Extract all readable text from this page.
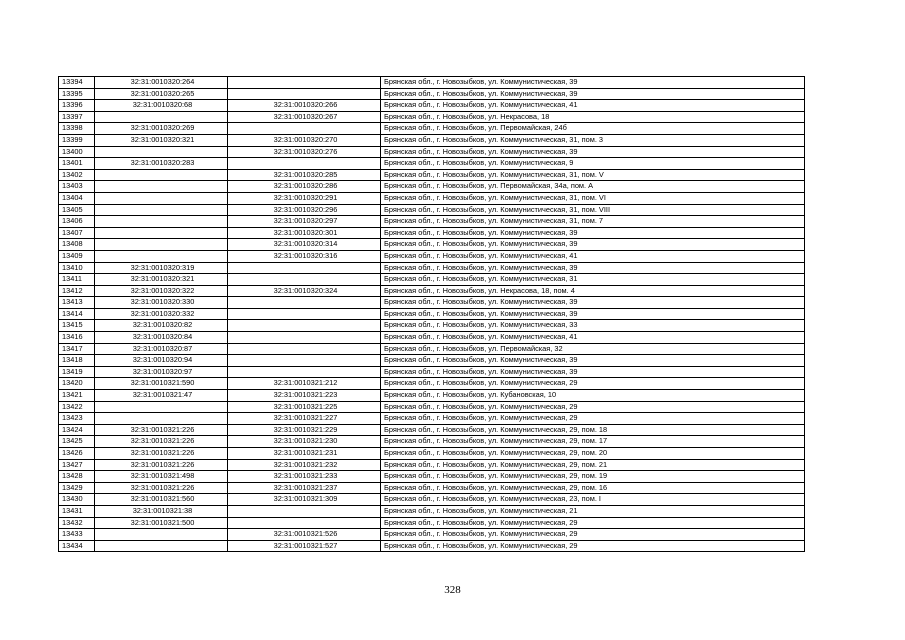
13394	32:31:0010320:264		Брянская обл., г. Новозыбков, ул. Коммунистическая, 39
13395	32:31:0010320:265		Брянская обл., г. Новозыбков, ул. Коммунистическая, 39
13396	32:31:0010320:68	32:31:0010320:266	Брянская обл., г. Новозыбков, ул. Коммунистическая, 41
13397		32:31:0010320:267	Брянская обл., г. Новозыбков, ул. Некрасова, 18
13398	32:31:0010320:269		Брянская обл., г. Новозыбков, ул. Первомайская, 24б
13399	32:31:0010320:321	32:31:0010320:270	Брянская обл., г. Новозыбков, ул. Коммунистическая, 31, пом. 3
13400		32:31:0010320:276	Брянская обл., г. Новозыбков, ул. Коммунистическая, 39
13401	32:31:0010320:283		Брянская обл., г. Новозыбков, ул. Коммунистическая, 9
13402		32:31:0010320:285	Брянская обл., г. Новозыбков, ул. Коммунистическая, 31, пом. V
13403		32:31:0010320:286	Брянская обл., г. Новозыбков, ул. Первомайская, 34а, пом. А
13404		32:31:0010320:291	Брянская обл., г. Новозыбков, ул. Коммунистическая, 31, пом. VI
13405		32:31:0010320:296	Брянская обл., г. Новозыбков, ул. Коммунистическая, 31, пом. VIII
13406		32:31:0010320:297	Брянская обл., г. Новозыбков, ул. Коммунистическая, 31, пом. 7
13407		32:31:0010320:301	Брянская обл., г. Новозыбков, ул. Коммунистическая, 39
13408		32:31:0010320:314	Брянская обл., г. Новозыбков, ул. Коммунистическая, 39
13409		32:31:0010320:316	Брянская обл., г. Новозыбков, ул. Коммунистическая, 41
13410	32:31:0010320:319		Брянская обл., г. Новозыбков, ул. Коммунистическая, 39
13411	32:31:0010320:321		Брянская обл., г. Новозыбков, ул. Коммунистическая, 31
13412	32:31:0010320:322	32:31:0010320:324	Брянская обл., г. Новозыбков, ул. Некрасова, 18, пом. 4
13413	32:31:0010320:330		Брянская обл., г. Новозыбков, ул. Коммунистическая, 39
13414	32:31:0010320:332		Брянская обл., г. Новозыбков, ул. Коммунистическая, 39
13415	32:31:0010320:82		Брянская обл., г. Новозыбков, ул. Коммунистическая, 33
13416	32:31:0010320:84		Брянская обл., г. Новозыбков, ул. Коммунистическая, 41
13417	32:31:0010320:87		Брянская обл., г. Новозыбков, ул. Первомайская, 32
13418	32:31:0010320:94		Брянская обл., г. Новозыбков, ул. Коммунистическая, 39
13419	32:31:0010320:97		Брянская обл., г. Новозыбков, ул. Коммунистическая, 39
13420	32:31:0010321:590	32:31:0010321:212	Брянская обл., г. Новозыбков, ул. Коммунистическая, 29
13421	32:31:0010321:47	32:31:0010321:223	Брянская обл., г. Новозыбков, ул. Кубановская, 10
13422		32:31:0010321:225	Брянская обл., г. Новозыбков, ул. Коммунистическая, 29
13423		32:31:0010321:227	Брянская обл., г. Новозыбков, ул. Коммунистическая, 29
13424	32:31:0010321:226	32:31:0010321:229	Брянская обл., г. Новозыбков, ул. Коммунистическая, 29, пом. 18
13425	32:31:0010321:226	32:31:0010321:230	Брянская обл., г. Новозыбков, ул. Коммунистическая, 29, пом. 17
13426	32:31:0010321:226	32:31:0010321:231	Брянская обл., г. Новозыбков, ул. Коммунистическая, 29, пом. 20
13427	32:31:0010321:226	32:31:0010321:232	Брянская обл., г. Новозыбков, ул. Коммунистическая, 29, пом. 21
13428	32:31:0010321:498	32:31:0010321:233	Брянская обл., г. Новозыбков, ул. Коммунистическая, 29, пом. 19
13429	32:31:0010321:226	32:31:0010321:237	Брянская обл., г. Новозыбков, ул. Коммунистическая, 29, пом. 16
13430	32:31:0010321:560	32:31:0010321:309	Брянская обл., г. Новозыбков, ул. Коммунистическая, 23, пом. I
13431	32:31:0010321:38		Брянская обл., г. Новозыбков, ул. Коммунистическая, 21
13432	32:31:0010321:500		Брянская обл., г. Новозыбков, ул. Коммунистическая, 29
13433		32:31:0010321:526	Брянская обл., г. Новозыбков, ул. Коммунистическая, 29
13434		32:31:0010321:527	Брянская обл., г. Новозыбков, ул. Коммунистическая, 29
328
